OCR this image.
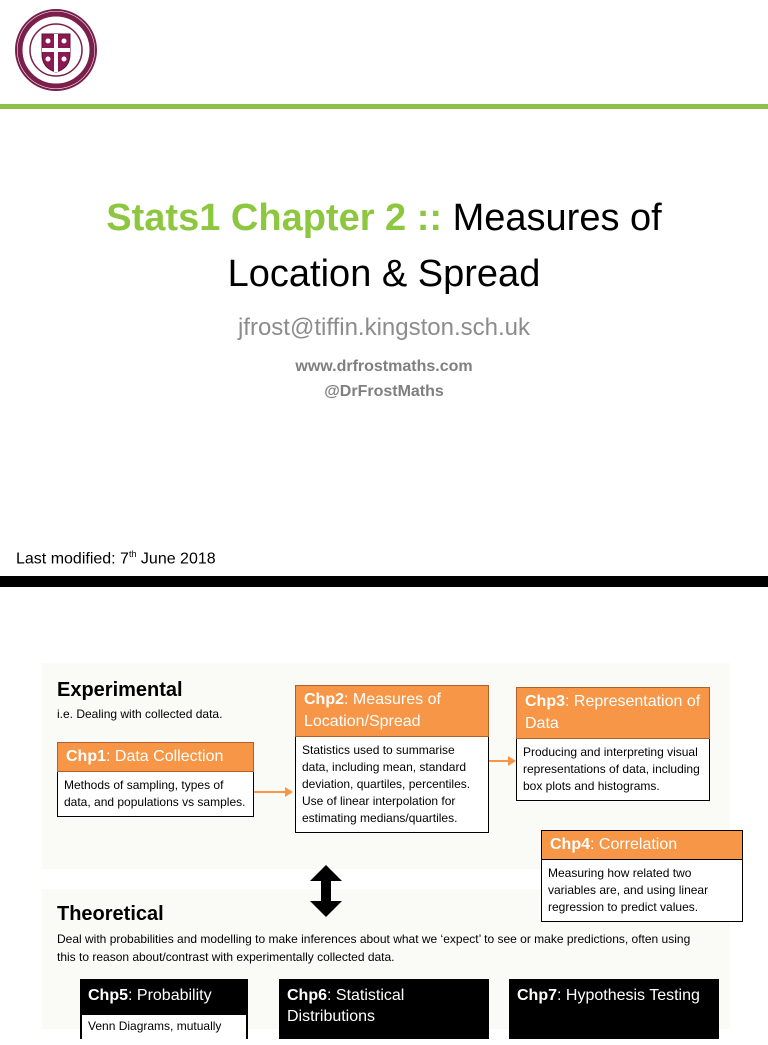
Stats1 Chapter 2 :: Measures of
Location & Spread
jfrost@tiffin.kingston.sch.uk
www.drfrostmaths.com
@DrFrostMaths
Last modified: 7th June 2018
Experimental
i.e. Dealing with collected data.
Chp1: Data Collection
Methods of sampling, types of data, and populations vs samples.
Chp2: Measures of Location/Spread
Statistics used to summarise data, including mean, standard deviation, quartiles, percentiles. Use of linear interpolation for estimating medians/quartiles.
Chp3: Representation of Data
Producing and interpreting visual representations of data, including box plots and histograms.
Chp4: Correlation
Measuring how related two variables are, and using linear regression to predict values.
Theoretical
Deal with probabilities and modelling to make inferences about what we ‘expect’ to see or make predictions, often using this to reason about/contrast with experimentally collected data.
Chp5: Probability
Venn Diagrams, mutually
Chp6: Statistical Distributions
Chp7: Hypothesis Testing
